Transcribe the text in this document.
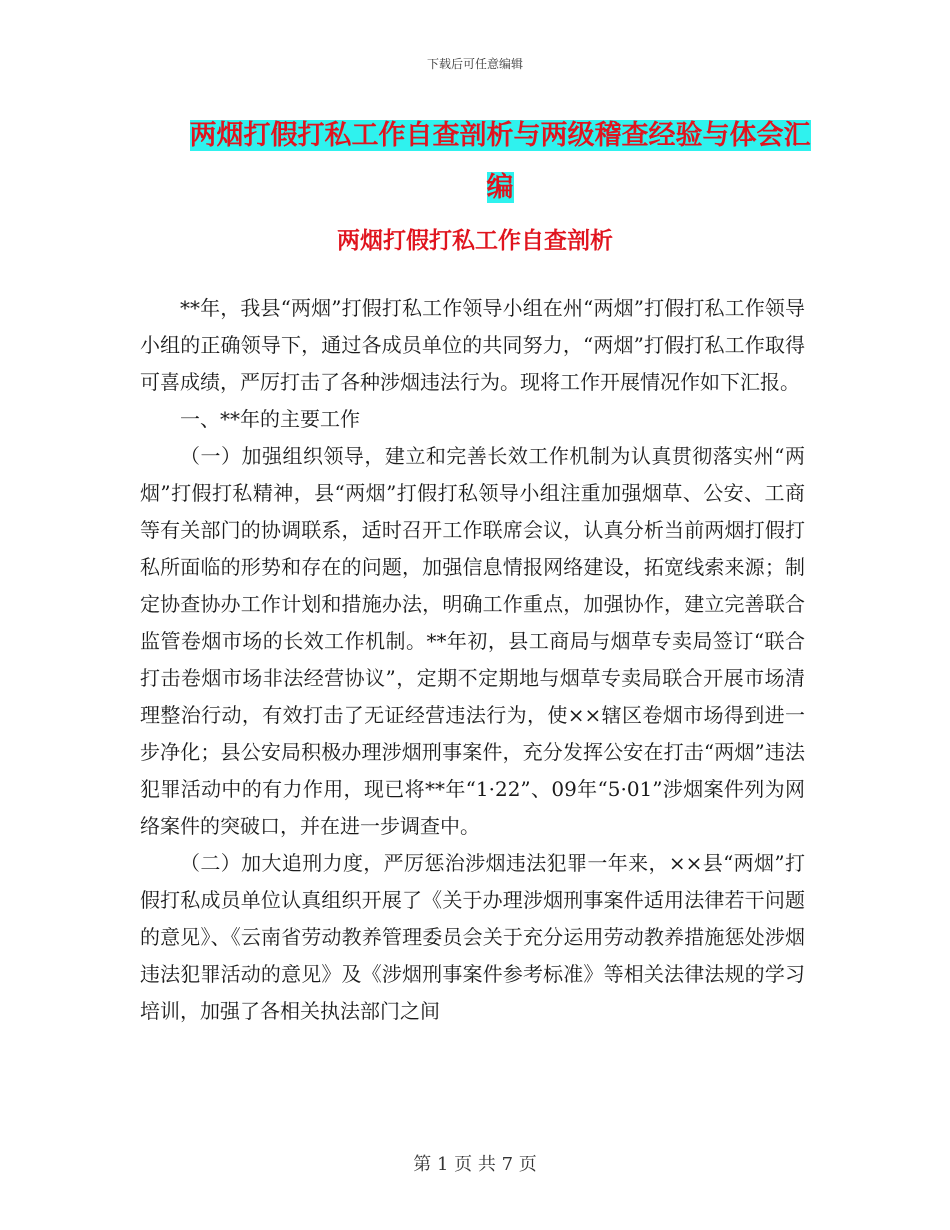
下载后可任意编辑
两烟打假打私工作自查剖析与两级稽查经验与体会汇
编
两烟打假打私工作自查剖析

**年，我县“两烟”打假打私工作领导小组在州“两烟”打假打私工作领导小组的正确领导下，通过各成员单位的共同努力，“两烟”打假打私工作取得可喜成绩，严厉打击了各种涉烟违法行为。现将工作开展情况作如下汇报。

一、**年的主要工作

（一）加强组织领导，建立和完善长效工作机制为认真贯彻落实州“两烟”打假打私精神，县“两烟”打假打私领导小组注重加强烟草、公安、工商等有关部门的协调联系，适时召开工作联席会议，认真分析当前两烟打假打私所面临的形势和存在的问题，加强信息情报网络建设，拓宽线索来源；制定协查协办工作计划和措施办法，明确工作重点，加强协作，建立完善联合监管卷烟市场的长效工作机制。**年初，县工商局与烟草专卖局签订“联合打击卷烟市场非法经营协议”，定期不定期地与烟草专卖局联合开展市场清理整治行动，有效打击了无证经营违法行为，使××辖区卷烟市场得到进一步净化；县公安局积极办理涉烟刑事案件，充分发挥公安在打击“两烟”违法犯罪活动中的有力作用，现已将**年“1·22”、09年“5·01”涉烟案件列为网络案件的突破口，并在进一步调查中。

（二）加大追刑力度，严厉惩治涉烟违法犯罪一年来，××县“两烟”打假打私成员单位认真组织开展了《关于办理涉烟刑事案件适用法律若干问题的意见》、《云南省劳动教养管理委员会关于充分运用劳动教养措施惩处涉烟违法犯罪活动的意见》及《涉烟刑事案件参考标准》等相关法律法规的学习培训，加强了各相关执法部门之间

第 1 页 共 7 页
